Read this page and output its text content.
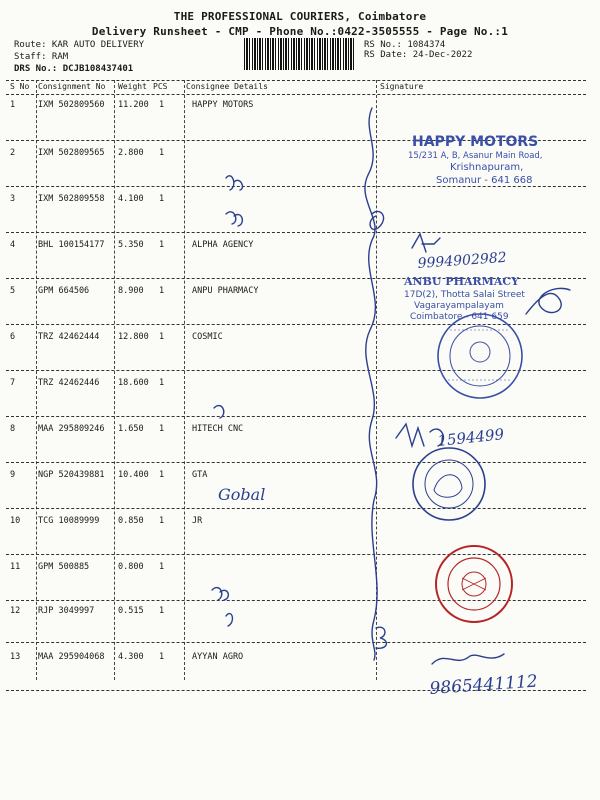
THE PROFESSIONAL COURIERS, Coimbatore
Delivery Runsheet - CMP - Phone No.:0422-3505555 - Page No.:1
Route: KAR AUTO DELIVERY
Staff: RAM
DRS No.: DCJB108437401
RS No.: 1084374
RS Date: 24-Dec-2022
S No Consignment No Weight PCS Consignee Details	Signature
1	IXM 502809560 11.200 1	HAPPY MOTORS
2	IXM 502809565 2.800 1
3	IXM 502809558 4.100 1
4	BHL 100154177 5.350 1	ALPHA AGENCY
5	GPM 664506	8.900 1	ANPU PHARMACY
6	TRZ 42462444 12.800 1	COSMIC
7	TRZ 42462446 18.600 1
8	MAA 295809246 1.650 1	HITECH CNC
9	NGP 520439881 10.400 1	GTA
10 TCG 10089999 0.850 1	JR
11 GPM 500885	0.800 1
12 RJP 3049997	0.515 1
13 MAA 295904068 4.300 1	AYYAN AGRO
Gobal
9994902982
1594499
9865441112
HAPPY MOTORS
15/231 A, B, Asanur Main Road,
Krishnapuram,
Somanur - 641 668
ANBU PHARMACY
17D(2), Thotta Salai Street
Vagarayampalayam
Coimbatore - 641 659
